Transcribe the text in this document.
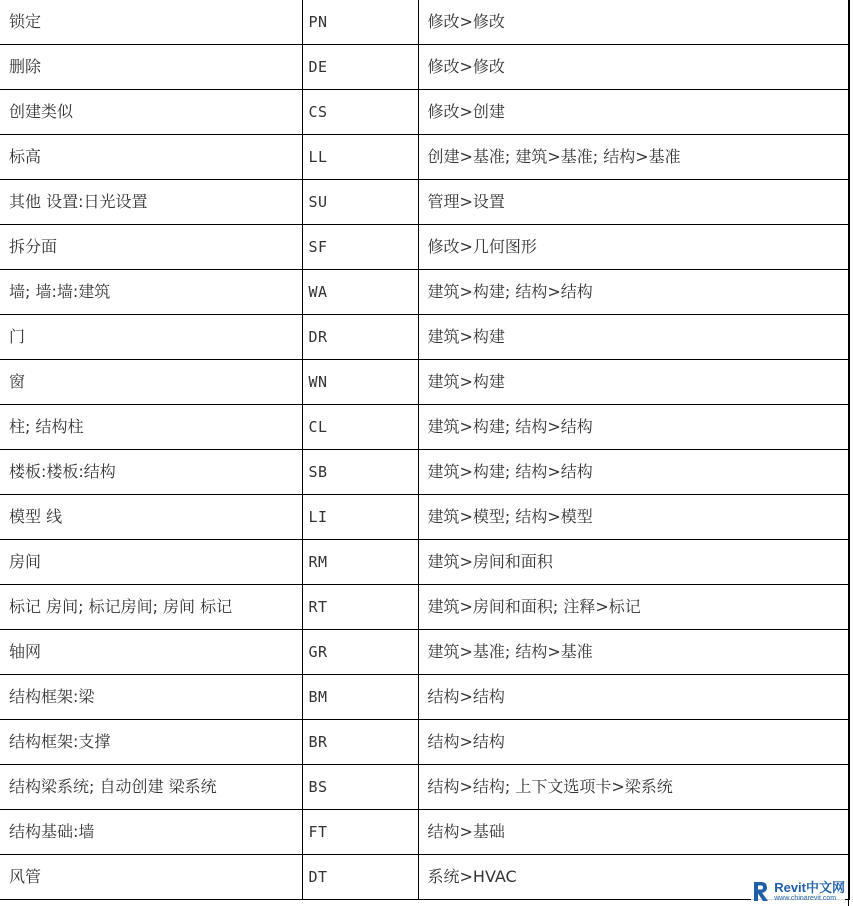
锁定	PN	修改>修改
删除	DE	修改>修改
创建类似	CS	修改>创建
标高	LL	创建>基准; 建筑>基准; 结构>基准
其他 设置:日光设置	SU	管理>设置
拆分面	SF	修改>几何图形
墙; 墙:墙:建筑	WA	建筑>构建; 结构>结构
门	DR	建筑>构建
窗	WN	建筑>构建
柱; 结构柱	CL	建筑>构建; 结构>结构
楼板:楼板:结构	SB	建筑>构建; 结构>结构
模型 线	LI	建筑>模型; 结构>模型
房间	RM	建筑>房间和面积
标记 房间; 标记房间; 房间 标记	RT	建筑>房间和面积; 注释>标记
轴网	GR	建筑>基准; 结构>基准
结构框架:梁	BM	结构>结构
结构框架:支撑	BR	结构>结构
结构梁系统; 自动创建 梁系统	BS	结构>结构; 上下文选项卡>梁系统
结构基础:墙	FT	结构>基础
风管	DT	系统>HVAC
Revit中文网
www.chinarevit.com
